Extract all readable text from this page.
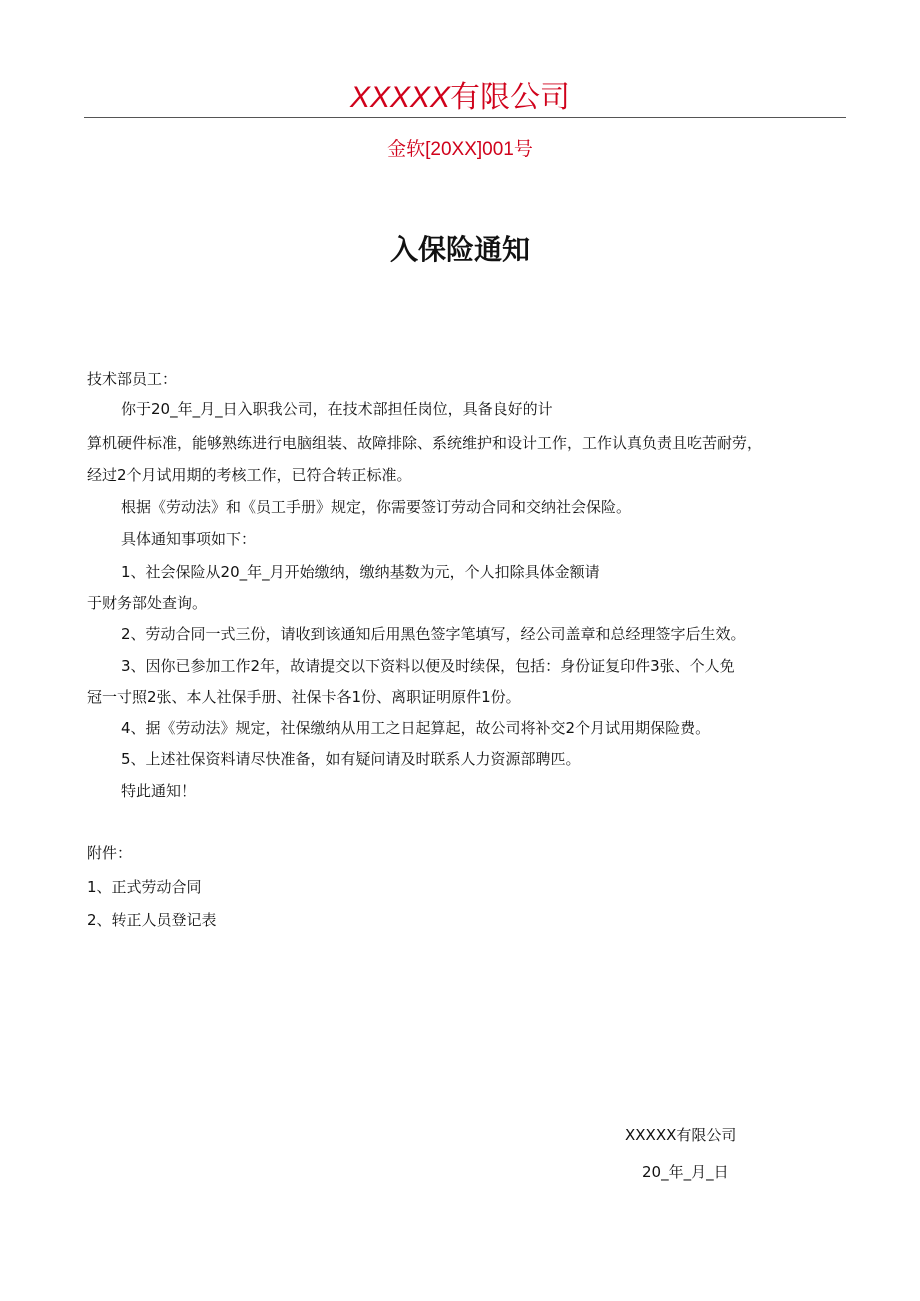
XXXXX有限公司
金软[20XX]001号
入保险通知
技术部员工：
你于20_年_月_日入职我公司，在技术部担任岗位，具备良好的计
算机硬件标准，能够熟练进行电脑组装、故障排除、系统维护和设计工作，工作认真负责且吃苦耐劳，
经过2个月试用期的考核工作，已符合转正标准。
根据《劳动法》和《员工手册》规定，你需要签订劳动合同和交纳社会保险。
具体通知事项如下：
1、社会保险从20_年_月开始缴纳，缴纳基数为元，个人扣除具体金额请
于财务部处查询。
2、劳动合同一式三份，请收到该通知后用黑色签字笔填写，经公司盖章和总经理签字后生效。
3、因你已参加工作2年，故请提交以下资料以便及时续保，包括：身份证复印件3张、个人免
冠一寸照2张、本人社保手册、社保卡各1份、离职证明原件1份。
4、据《劳动法》规定，社保缴纳从用工之日起算起，故公司将补交2个月试用期保险费。
5、上述社保资料请尽快准备，如有疑问请及时联系人力资源部聘匹。
特此通知！
附件：
1、正式劳动合同
2、转正人员登记表
XXXXX有限公司
20_年_月_日
